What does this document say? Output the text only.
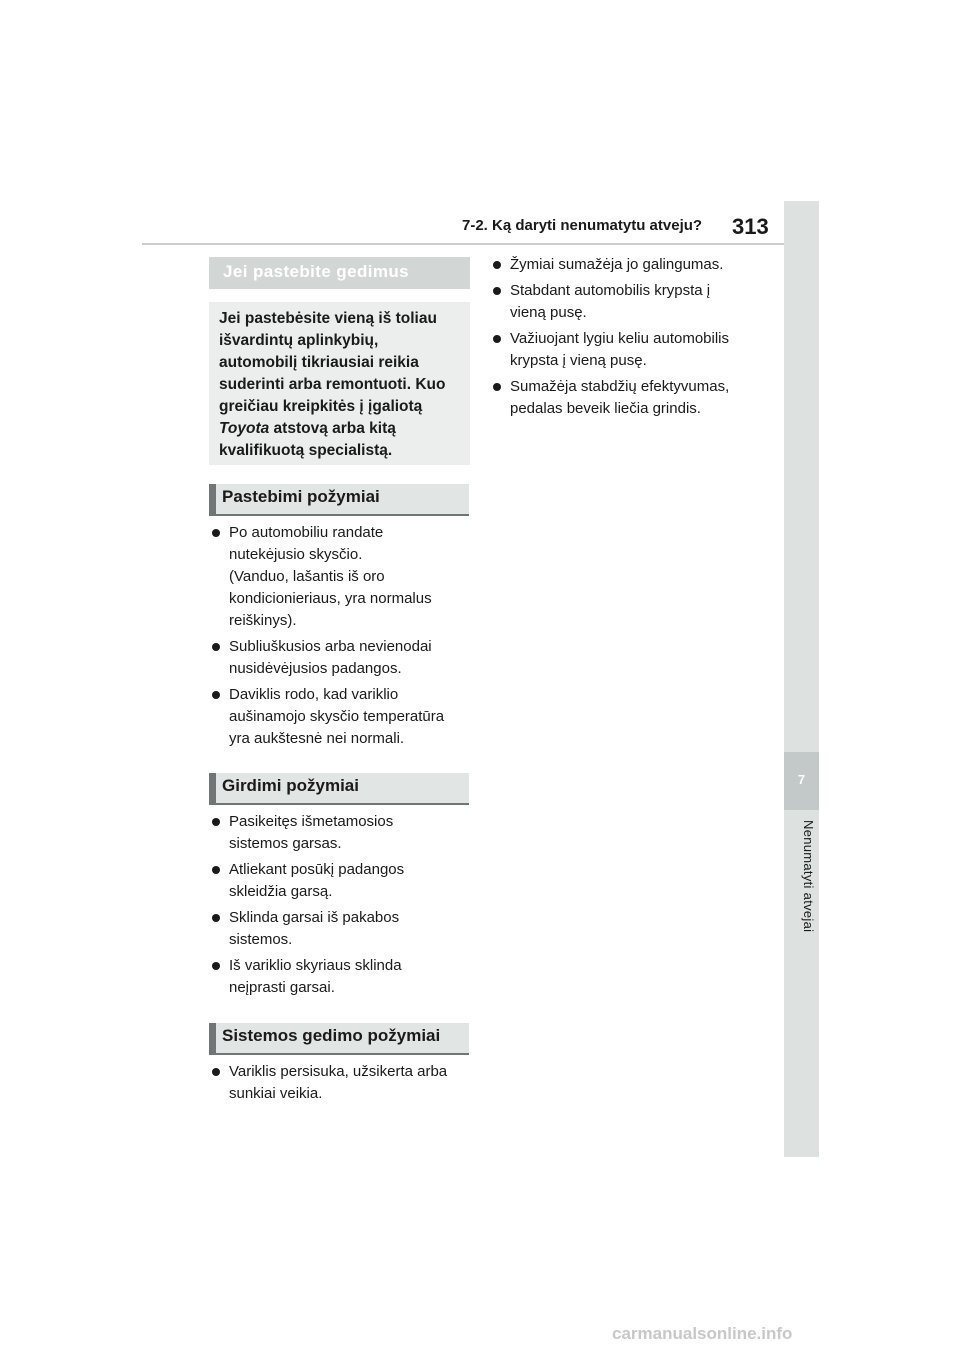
7-2. Ką daryti nenumatytu atveju? 313
7
Nenumatyti atvejai
Jei pastebite gedimus
Jei pastebėsite vieną iš toliau
išvardintų aplinkybių,
automobilį tikriausiai reikia
suderinti arba remontuoti. Kuo
greičiau kreipkitės į įgaliotą
Toyota atstovą arba kitą
kvalifikuotą specialistą.
Pastebimi požymiai
Po automobiliu randate
nutekėjusio skysčio.
(Vanduo, lašantis iš oro
kondicionieriaus, yra normalus
reiškinys).
Subliuškusios arba nevienodai
nusidėvėjusios padangos.
Daviklis rodo, kad variklio
aušinamojo skysčio temperatūra
yra aukštesnė nei normali.
Girdimi požymiai
Pasikeitęs išmetamosios
sistemos garsas.
Atliekant posūkį padangos
skleidžia garsą.
Sklinda garsai iš pakabos
sistemos.
Iš variklio skyriaus sklinda
neįprasti garsai.
Sistemos gedimo požymiai
Variklis persisuka, užsikerta arba
sunkiai veikia.
Žymiai sumažėja jo galingumas.
Stabdant automobilis krypsta į
vieną pusę.
Važiuojant lygiu keliu automobilis
krypsta į vieną pusę.
Sumažėja stabdžių efektyvumas,
pedalas beveik liečia grindis.
carmanualsonline.info
